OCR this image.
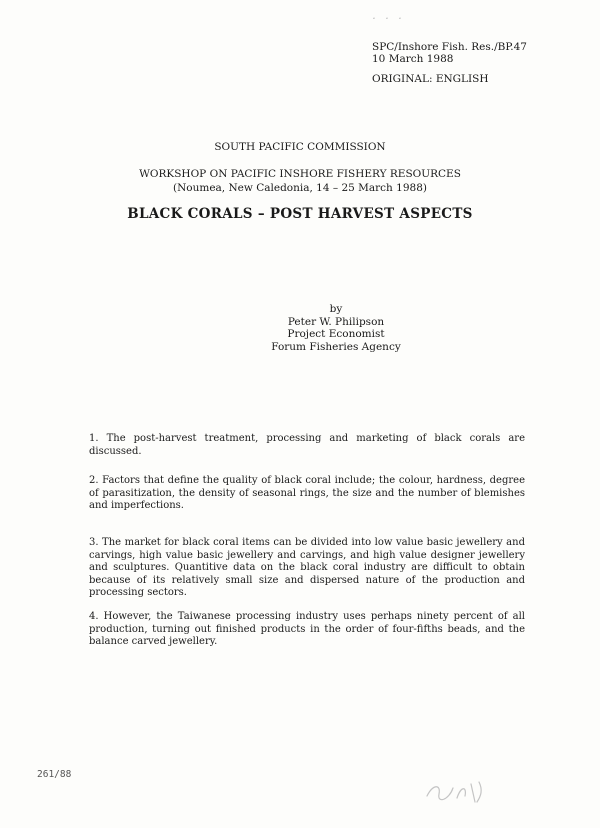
· · ·
SPC/Inshore Fish. Res./BP.47
10 March 1988
ORIGINAL: ENGLISH
SOUTH PACIFIC COMMISSION
WORKSHOP ON PACIFIC INSHORE FISHERY RESOURCES
(Noumea, New Caledonia, 14 – 25 March 1988)
BLACK CORALS – POST HARVEST ASPECTS
by
Peter W. Philipson
Project Economist
Forum Fisheries Agency

1. The post-harvest treatment, processing and marketing of black corals are discussed.

2. Factors that define the quality of black coral include; the colour, hardness, degree of parasitization, the density of seasonal rings, the size and the number of blemishes and imperfections.

3. The market for black coral items can be divided into low value basic jewellery and carvings, high value basic jewellery and carvings, and high value designer jewellery and sculptures. Quantitive data on the black coral industry are difficult to obtain because of its relatively small size and dispersed nature of the production and processing sectors.

4. However, the Taiwanese processing industry uses perhaps ninety percent of all production, turning out finished products in the order of four-fifths beads, and the balance carved jewellery.

261/88
